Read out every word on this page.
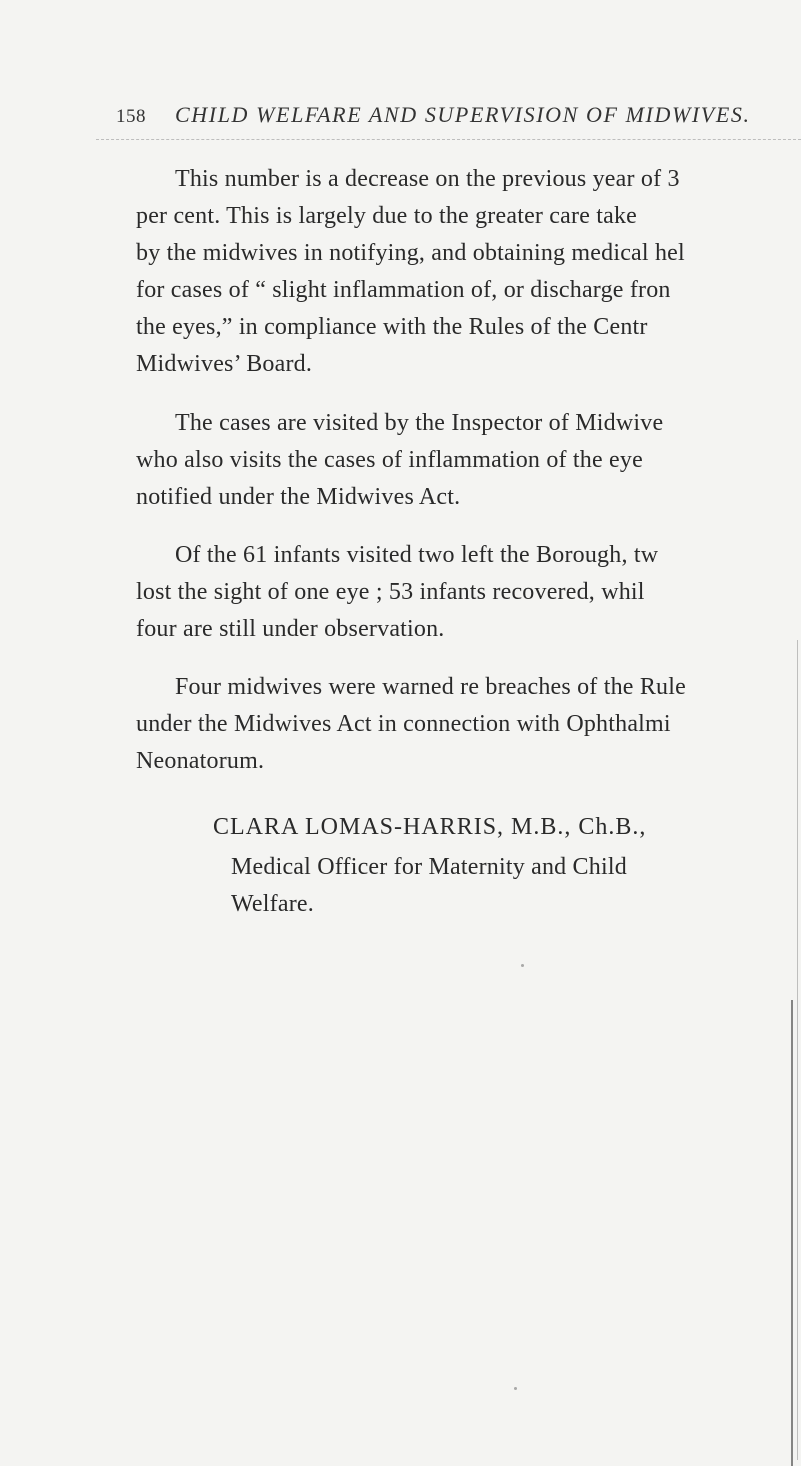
158 CHILD WELFARE AND SUPERVISION OF MIDWIVES.
This number is a decrease on the previous year of 3
per cent. This is largely due to the greater care take
by the midwives in notifying, and obtaining medical hel
for cases of “ slight inflammation of, or discharge fron
the eyes,” in compliance with the Rules of the Centr
Midwives’ Board.
The cases are visited by the Inspector of Midwive
who also visits the cases of inflammation of the eye
notified under the Midwives Act.
Of the 61 infants visited two left the Borough, tw
lost the sight of one eye ; 53 infants recovered, whil
four are still under observation.
Four midwives were warned re breaches of the Rule
under the Midwives Act in connection with Ophthalmi
Neonatorum.
CLARA LOMAS-HARRIS, M.B., Ch.B.,
Medical Officer for Maternity and Child
Welfare.
